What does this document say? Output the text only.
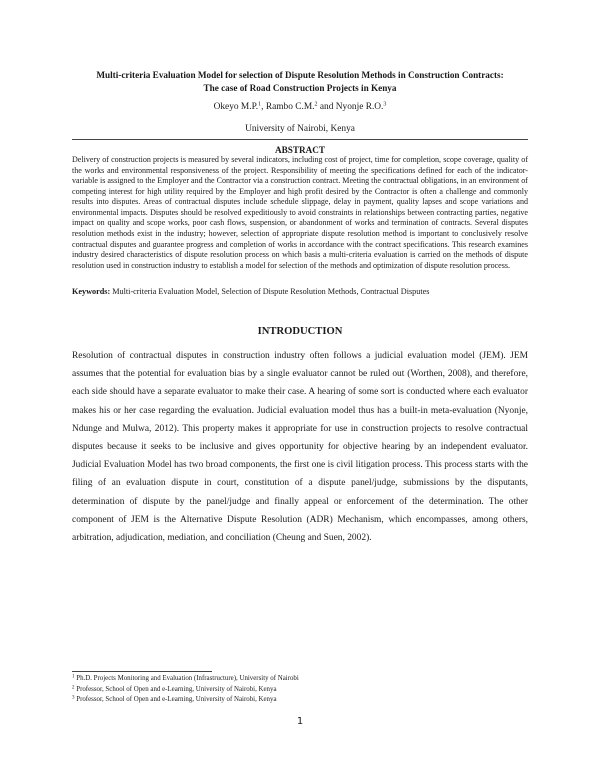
Multi-criteria Evaluation Model for selection of Dispute Resolution Methods in Construction Contracts:
The case of Road Construction Projects in Kenya
Okeyo M.P.$^1$, Rambo C.M.$^2$ and Nyonje R.O.$^3$
University of Nairobi, Kenya
ABSTRACT
Delivery of construction projects is measured by several indicators, including cost of project, time for completion, scope coverage, quality of the works and environmental responsiveness of the project. Responsibility of meeting the specifications defined for each of the indicator-variable is assigned to the Employer and the Contractor via a construction contract. Meeting the contractual obligations, in an environment of competing interest for high utility required by the Employer and high profit desired by the Contractor is often a challenge and commonly results into disputes. Areas of contractual disputes include schedule slippage, delay in payment, quality lapses and scope variations and environmental impacts. Disputes should be resolved expeditiously to avoid constraints in relationships between contracting parties, negative impact on quality and scope works, poor cash flows, suspension, or abandonment of works and termination of contracts. Several disputes resolution methods exist in the industry; however, selection of appropriate dispute resolution method is important to conclusively resolve contractual disputes and guarantee progress and completion of works in accordance with the contract specifications. This research examines industry desired characteristics of dispute resolution process on which basis a multi-criteria evaluation is carried on the methods of dispute resolution used in construction industry to establish a model for selection of the methods and optimization of dispute resolution process.
Keywords: Multi-criteria Evaluation Model, Selection of Dispute Resolution Methods, Contractual Disputes
INTRODUCTION
Resolution of contractual disputes in construction industry often follows a judicial evaluation model (JEM). JEM assumes that the potential for evaluation bias by a single evaluator cannot be ruled out (Worthen, 2008), and therefore, each side should have a separate evaluator to make their case. A hearing of some sort is conducted where each evaluator makes his or her case regarding the evaluation. Judicial evaluation model thus has a built-in meta-evaluation (Nyonje, Ndunge and Mulwa, 2012). This property makes it appropriate for use in construction projects to resolve contractual disputes because it seeks to be inclusive and gives opportunity for objective hearing by an independent evaluator. Judicial Evaluation Model has two broad components, the first one is civil litigation process. This process starts with the filing of an evaluation dispute in court, constitution of a dispute panel/judge, submissions by the disputants, determination of dispute by the panel/judge and finally appeal or enforcement of the determination. The other component of JEM is the Alternative Dispute Resolution (ADR) Mechanism, which encompasses, among others, arbitration, adjudication, mediation, and conciliation (Cheung and Suen, 2002).
$^1$ Ph.D. Projects Monitoring and Evaluation (Infrastructure), University of Nairobi
$^2$ Professor, School of Open and e-Learning, University of Nairobi, Kenya
$^3$ Professor, School of Open and e-Learning, University of Nairobi, Kenya
1
